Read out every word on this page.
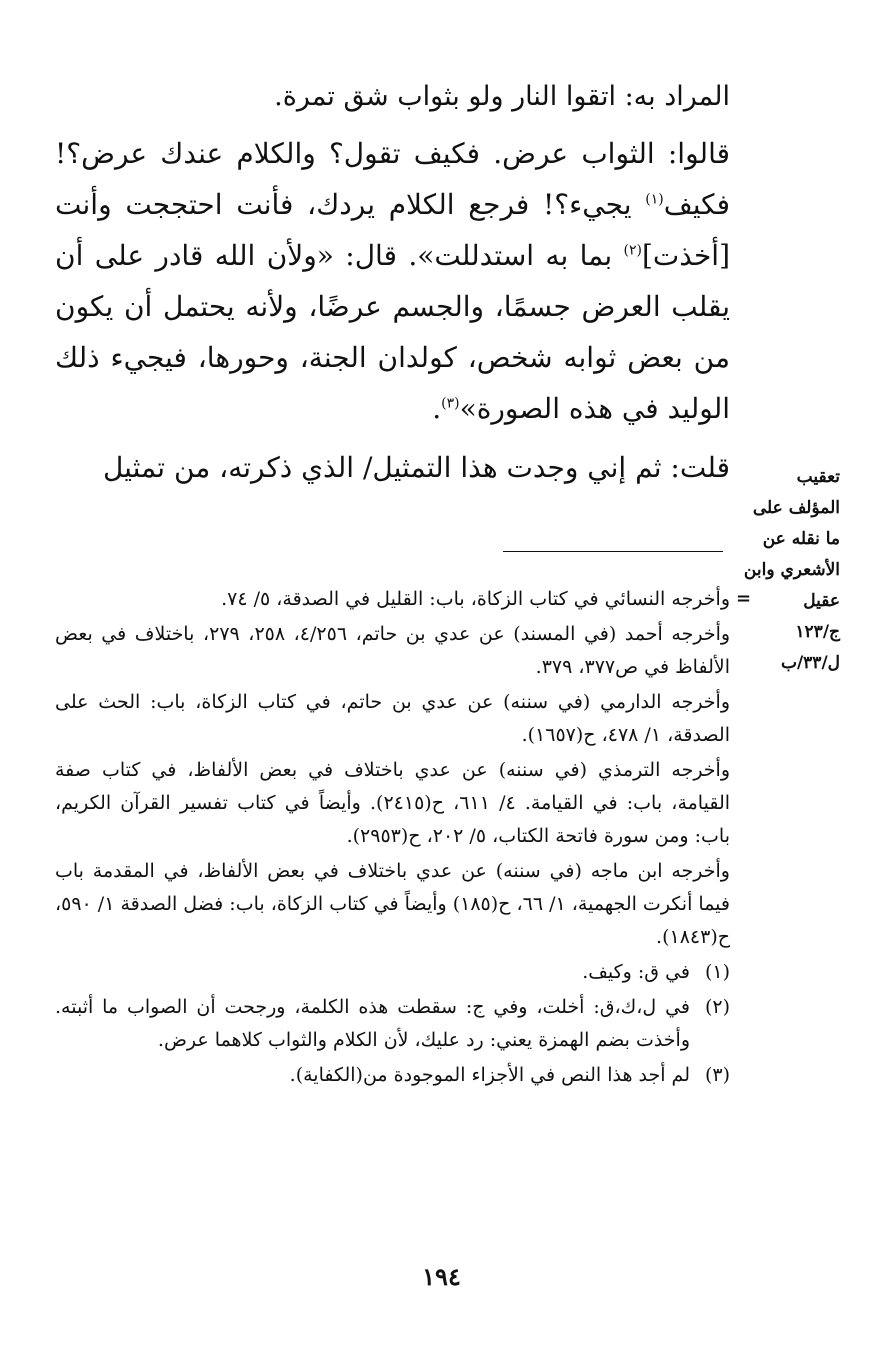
المراد به: اتقوا النار ولو بثواب شق تمرة.

قالوا: الثواب عرض. فكيف تقول؟ والكلام عندك عرض؟! فكيف$^{(١)}$ يجيء؟! فرجع الكلام يردك، فأنت احتججت وأنت [أخذت]$^{(٢)}$ بما به استدللت». قال: «ولأن الله قادر على أن يقلب العرض جسمًا، والجسم عرضًا، ولأنه يحتمل أن يكون من بعض ثوابه شخص، كولدان الجنة، وحورها، فيجيء ذلك الوليد في هذه الصورة»$^{(٣)}$.

قلت: ثم إني وجدت هذا التمثيل/ الذي ذكرته، من تمثيل	تعقيب
المؤلف على
ما نقله عن
الأشعري وابن
عقيل
ج/١٢٣
ل/٣٣/ب
=

وأخرجه النسائي في كتاب الزكاة، باب: القليل في الصدقة، ٥/ ٧٤.

وأخرجه أحمد (في المسند) عن عدي بن حاتم، ٤/٢٥٦، ٢٥٨، ٢٧٩، باختلاف في بعض الألفاظ في ص٣٧٧، ٣٧٩.

وأخرجه الدارمي (في سننه) عن عدي بن حاتم، في كتاب الزكاة، باب: الحث على الصدقة، ١/ ٤٧٨، ح(١٦٥٧).

وأخرجه الترمذي (في سننه) عن عدي باختلاف في بعض الألفاظ، في كتاب صفة القيامة، باب: في القيامة. ٤/ ٦١١، ح(٢٤١٥). وأيضاً في كتاب تفسير القرآن الكريم، باب: ومن سورة فاتحة الكتاب، ٥/ ٢٠٢، ح(٢٩٥٣).

وأخرجه ابن ماجه (في سننه) عن عدي باختلاف في بعض الألفاظ، في المقدمة باب فيما أنكرت الجهمية، ١/ ٦٦، ح(١٨٥) وأيضاً في كتاب الزكاة، باب: فضل الصدقة ١/ ٥٩٠، ح(١٨٤٣).

(١)
في ق: وكيف.
(٢)
في ل،ك،ق: أخلت، وفي ج: سقطت هذه الكلمة، ورجحت أن الصواب ما أثبته. وأخذت بضم الهمزة يعني: رد عليك، لأن الكلام والثواب كلاهما عرض.
(٣)
لم أجد هذا النص في الأجزاء الموجودة من(الكفاية).
١٩٤
